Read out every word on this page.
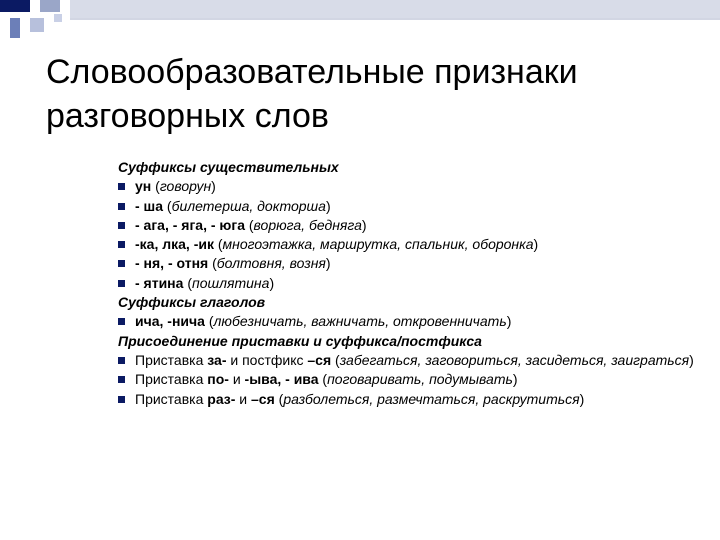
Словообразовательные признаки
разговорных слов
Суффиксы существительных
ун (говорун)
- ша (билетерша, докторша)
- ага, - яга, - юга (ворюга, бедняга)
-ка, лка, -ик (многоэтажка, маршрутка, спальник, оборонка)
- ня, - отня (болтовня, возня)
- ятина (пошлятина)
Суффиксы глаголов
ича, -ничa (любезничать, важничать, откровенничать)
Присоединение приставки и суффикса/постфикса
Приставка за- и постфикс –ся (забегаться, заговориться, засидеться, заиграться)
Приставка по- и -ыва, - ива (поговаривать, подумывать)
Приставка раз- и –ся (разболеться, размечтаться, раскрутиться)
